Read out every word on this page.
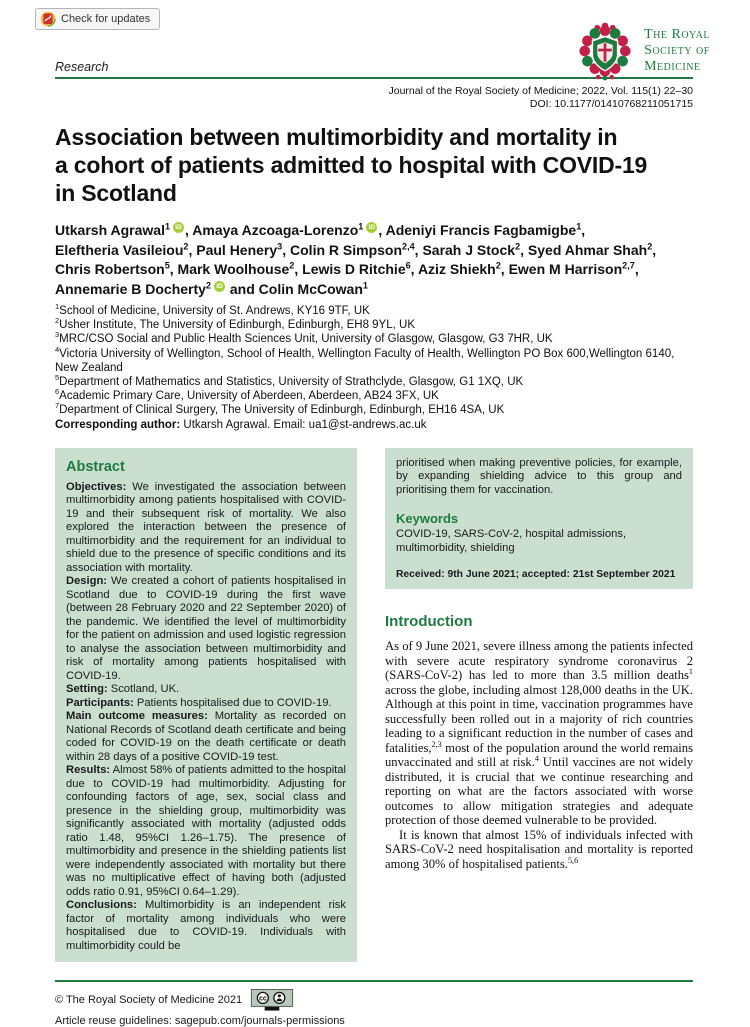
Check for updates
The Royal
Society of
Medicine
Research
Journal of the Royal Society of Medicine; 2022, Vol. 115(1) 22–30
DOI: 10.1177/01410768211051715
Association between multimorbidity and mortality in
a cohort of patients admitted to hospital with COVID-19
in Scotland
Utkarsh Agrawal$^1$ iD , Amaya Azcoaga-Lorenzo$^1$ iD , Adeniyi Francis Fagbamigbe$^1$,
Eleftheria Vasileiou$^2$, Paul Henery$^3$, Colin R Simpson$^{2,4}$, Sarah J Stock$^2$, Syed Ahmar Shah$^2$,
Chris Robertson$^5$, Mark Woolhouse$^2$, Lewis D Ritchie$^6$, Aziz Shiekh$^2$, Ewen M Harrison$^{2,7}$,
Annemarie B Docherty$^2$ iD and Colin McCowan$^1$
$^1$School of Medicine, University of St. Andrews, KY16 9TF, UK
$^2$Usher Institute, The University of Edinburgh, Edinburgh, EH8 9YL, UK
$^3$MRC/CSO Social and Public Health Sciences Unit, University of Glasgow, Glasgow, G3 7HR, UK
$^4$Victoria University of Wellington, School of Health, Wellington Faculty of Health, Wellington PO Box 600,Wellington 6140, New Zealand
$^5$Department of Mathematics and Statistics, University of Strathclyde, Glasgow, G1 1XQ, UK
$^6$Academic Primary Care, University of Aberdeen, Aberdeen, AB24 3FX, UK
$^7$Department of Clinical Surgery, The University of Edinburgh, Edinburgh, EH16 4SA, UK
Corresponding author: Utkarsh Agrawal. Email: ua1@st-andrews.ac.uk
Abstract
Objectives: We investigated the association between multimorbidity among patients hospitalised with COVID-19 and their subsequent risk of mortality. We also explored the interaction between the presence of multimorbidity and the requirement for an individual to shield due to the presence of specific conditions and its association with mortality.
Design: We created a cohort of patients hospitalised in Scotland due to COVID-19 during the first wave (between 28 February 2020 and 22 September 2020) of the pandemic. We identified the level of multimorbidity for the patient on admission and used logistic regression to analyse the association between multimorbidity and risk of mortality among patients hospitalised with COVID-19.
Setting: Scotland, UK.
Participants: Patients hospitalised due to COVID-19.
Main outcome measures: Mortality as recorded on National Records of Scotland death certificate and being coded for COVID-19 on the death certificate or death within 28 days of a positive COVID-19 test.
Results: Almost 58% of patients admitted to the hospital due to COVID-19 had multimorbidity. Adjusting for confounding factors of age, sex, social class and presence in the shielding group, multimorbidity was significantly associated with mortality (adjusted odds ratio 1.48, 95%CI 1.26–1.75). The presence of multimorbidity and presence in the shielding patients list were independently associated with mortality but there was no multiplicative effect of having both (adjusted odds ratio 0.91, 95%CI 0.64–1.29).
Conclusions: Multimorbidity is an independent risk factor of mortality among individuals who were hospitalised due to COVID-19. Individuals with multimorbidity could be
prioritised when making preventive policies, for example, by expanding shielding advice to this group and prioritising them for vaccination.
Keywords
COVID-19, SARS-CoV-2, hospital admissions, multimorbidity, shielding
Received: 9th June 2021; accepted: 21st September 2021
Introduction

As of 9 June 2021, severe illness among the patients infected with severe acute respiratory syndrome coronavirus 2 (SARS-CoV-2) has led to more than 3.5 million deaths$^1$ across the globe, including almost 128,000 deaths in the UK. Although at this point in time, vaccination programmes have successfully been rolled out in a majority of rich countries leading to a significant reduction in the number of cases and fatalities,$^{2,3}$ most of the population around the world remains unvaccinated and still at risk.$^4$ Until vaccines are not widely distributed, it is crucial that we continue researching and reporting on what are the factors associated with worse outcomes to allow mitigation strategies and adequate protection of those deemed vulnerable to be provided.

It is known that almost 15% of individuals infected with SARS-CoV-2 need hospitalisation and mortality is reported among 30% of hospitalised patients.$^{5,6}$

© The Royal Society of Medicine 2021 cc
Article reuse guidelines: sagepub.com/journals-permissions
